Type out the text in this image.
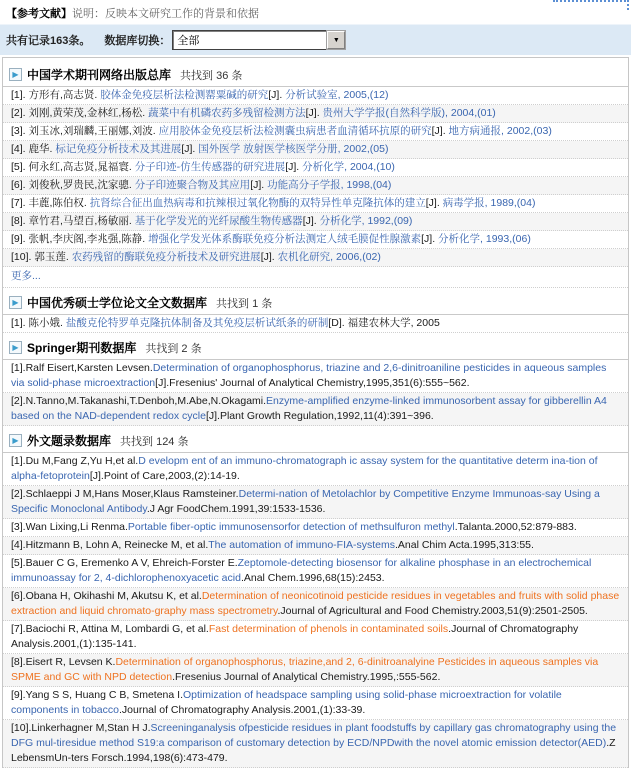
【参考文献】说明：反映本文研究工作的背景和依据
共有记录163条。 数据库切换： 全部	▼
▶ 中国学术期刊网络出版总库 共找到 36 条
[1]. 方形有,高志贤. 胶体金免疫层析法检测罂粟碱的研究[J]. 分析试验室, 2005,(12)
[2]. 刘刚,黄荣茂,金林红,杨松. 蔬菜中有机磷农药多残留检测方法[J]. 贵州大学学报(自然科学版), 2004,(01)
[3]. 刘玉冰,刘瑞麟,王丽娜,刘波. 应用胶体金免疫层析法检测囊虫病患者血清循环抗原的研究[J]. 地方病通报, 2002,(03)
[4]. 鹿华. 标记免疫分析技术及其进展[J]. 国外医学 放射医学核医学分册, 2002,(05)
[5]. 何永红,高志贤,晁福寰. 分子印迹-仿生传感器的研究进展[J]. 分析化学, 2004,(10)
[6]. 刘俊秋,罗贵民,沈家骢. 分子印迹聚合物及其应用[J]. 功能高分子学报, 1998,(04)
[7]. 丰蔍,陈伯权. 抗肾综合征出血热病毒和抗辣根过氧化物酶的双特异性单克隆抗体的建立[J]. 病毒学报, 1989,(04)
[8]. 章竹君,马望百,杨敏丽. 基于化学发光的光纤尿酸生物传感器[J]. 分析化学, 1992,(09)
[9]. 张帆,李庆阁,李兆强,陈静. 增强化学发光体系酶联免疫分析法测定人绒毛膜促性腺激素[J]. 分析化学, 1993,(06)
[10]. 郭玉莲. 农药残留的酶联免疫分析技术及研究进展[J]. 农机化研究, 2006,(02)
更多...
▶ 中国优秀硕士学位论文全文数据库 共找到 1 条
[1]. 陈小娥. 盐酸克伦特罗单克隆抗体制备及其免疫层析试纸条的研制[D]. 福建农林大学, 2005
▶ Springer期刊数据库 共找到 2 条
[1].Ralf Eisert,Karsten Levsen.Determination of organophosphorus, triazine and 2,6-dinitroaniline pesticides in aqueous samples via solid-phase microextraction[J].Fresenius' Journal of Analytical Chemistry,1995,351(6):555~562.
[2].N.Tanno,M.Takanashi,T.Denboh,M.Abe,N.Okagami.Enzyme-amplified enzyme-linked immunosorbent assay for gibberellin A4 based on the NAD-dependent redox cycle[J].Plant Growth Regulation,1992,11(4):391~396.
▶ 外文题录数据库 共找到 124 条
[1].Du M,Fang Z,Yu H,et al.D evelopm ent of an immuno-chromatograph ic assay system for the quantitative determ ina-tion of alpha-fetoprotein[J].Point of Care,2003,(2):14-19.
[2].Schlaeppi J M,Hans Moser,Klaus Ramsteiner.Determi-nation of Metolachlor by Competitive Enzyme Immunoas-say Using a Specific Monoclonal Antibody.J Agr FoodChem.1991,39:1533-1536.
[3].Wan Lixing,Li Renma.Portable fiber-optic immunosensorfor detection of methsulfuron methyl.Talanta.2000,52:879-883.
[4].Hitzmann B, Lohn A, Reinecke M, et al.The automation of immuno-FIA-systems.Anal Chim Acta.1995,313:55.
[5].Bauer C G, Eremenko A V, Ehreich-Forster E.Zeptomole-detecting biosensor for alkaline phosphase in an electrochemical immunoassay for 2, 4-dichlorophenoxyacetic acid.Anal Chem.1996,68(15):2453.
[6].Obana H, Okihashi M, Akutsu K, et al.Determination of neonicotinoid pesticide residues in vegetables and fruits with solid phase extraction and liquid chromato-graphy mass spectrometry.Journal of Agricultural and Food Chemistry.2003,51(9):2501-2505.
[7].Baciochi R, Attina M, Lombardi G, et al.Fast determination of phenols in contaminated soils.Journal of Chromatography Analysis.2001,(1):135-141.
[8].Eisert R, Levsen K.Determination of organophosphorus, triazine,and 2, 6-dinitroanalyine Pesticides in aqueous samples via SPME and GC with NPD detection.Fresenius Journal of Analytical Chemistry.1995,:555-562.
[9].Yang S S, Huang C B, Smetena I.Optimization of headspace sampling using solid-phase microextraction for volatile components in tobacco.Journal of Chromatography Analysis.2001,(1):33-39.
[10].Linkerhagner M,Stan H J.Screeninganalysis ofpesticide residues in plant foodstuffs by capillary gas chromatography using the DFG mul-tiresidue method S19:a comparison of customary detection by ECD/NPDwith the novel atomic emission detector(AED).Z LebensmUn-ters Forsch.1994,198(6):473-479.
